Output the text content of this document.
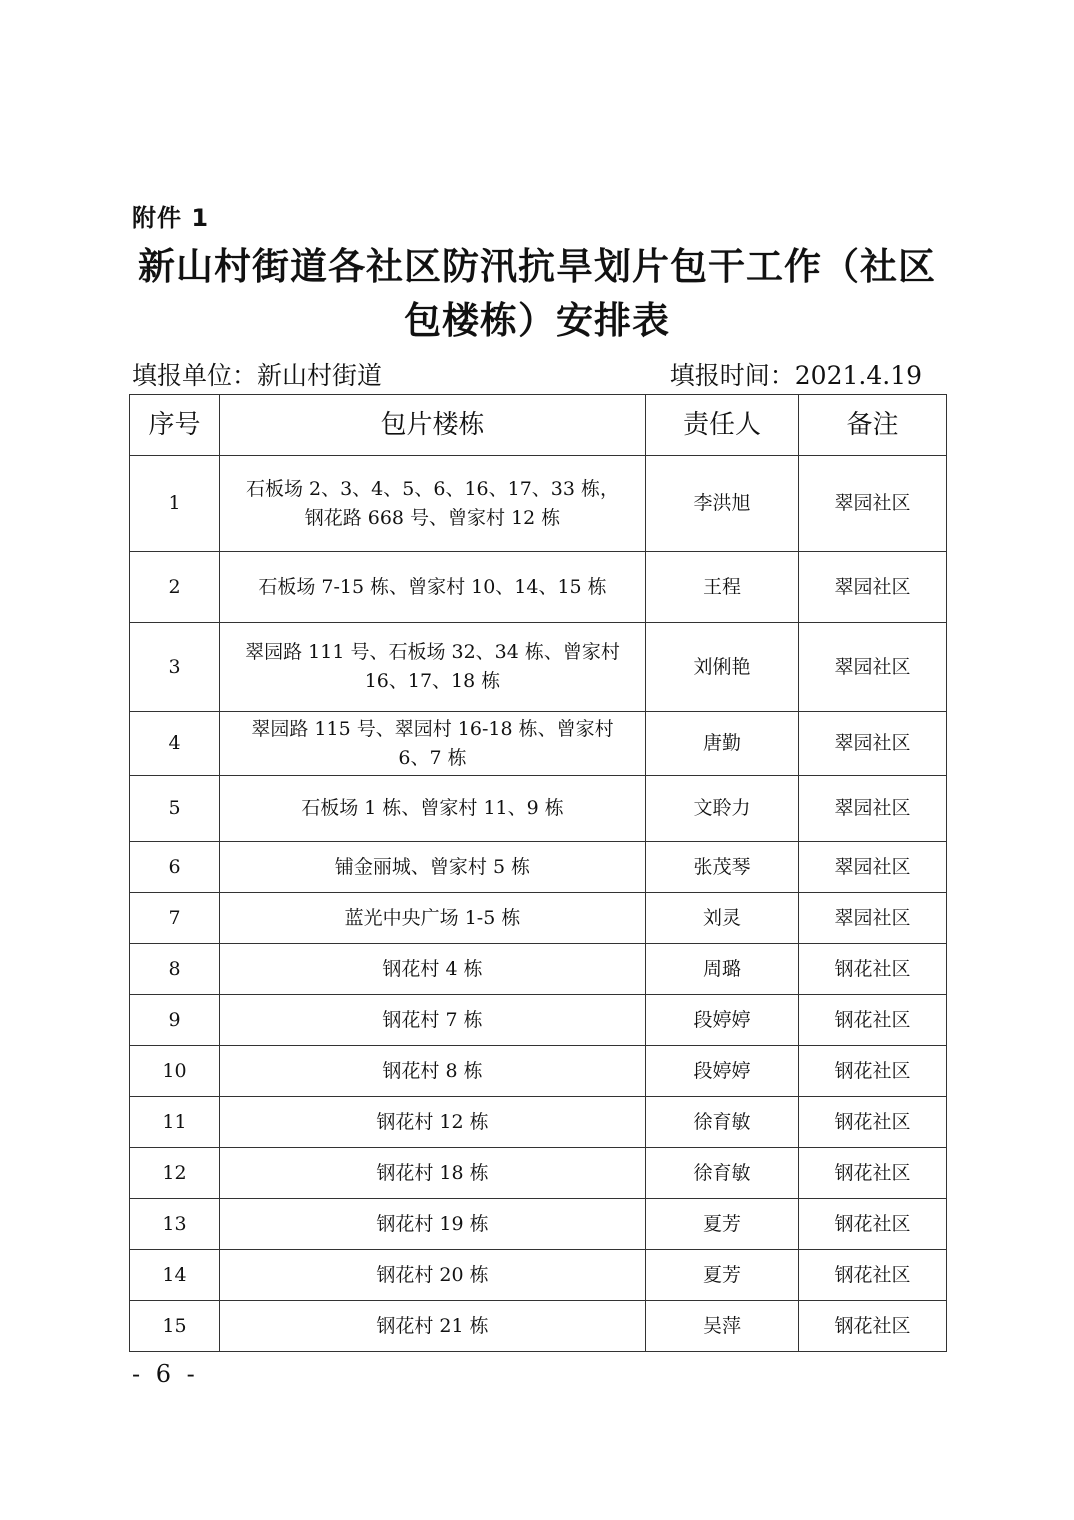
附件 1
新山村街道各社区防汛抗旱划片包干工作（社区包楼栋）安排表
填报单位：新山村街道	填报时间：2021.4.19
序号	包片楼栋	责任人	备注
1	石板场 2、3、4、5、6、16、17、33 栋，钢花路 668 号、曾家村 12 栋	李洪旭	翠园社区
2	石板场 7-15 栋、曾家村 10、14、15 栋	王程	翠园社区
3	翠园路 111 号、石板场 32、34 栋、曾家村 16、17、18 栋	刘俐艳	翠园社区
4	翠园路 115 号、翠园村 16-18 栋、曾家村 6、7 栋	唐勤	翠园社区
5	石板场 1 栋、曾家村 11、9 栋	文聆力	翠园社区
6	铺金丽城、曾家村 5 栋	张茂琴	翠园社区
7	蓝光中央广场 1-5 栋	刘灵	翠园社区
8	钢花村 4 栋	周璐	钢花社区
9	钢花村 7 栋	段婷婷	钢花社区
10	钢花村 8 栋	段婷婷	钢花社区
11	钢花村 12 栋	徐育敏	钢花社区
12	钢花村 18 栋	徐育敏	钢花社区
13	钢花村 19 栋	夏芳	钢花社区
14	钢花村 20 栋	夏芳	钢花社区
15	钢花村 21 栋	吴萍	钢花社区
- 6 -
